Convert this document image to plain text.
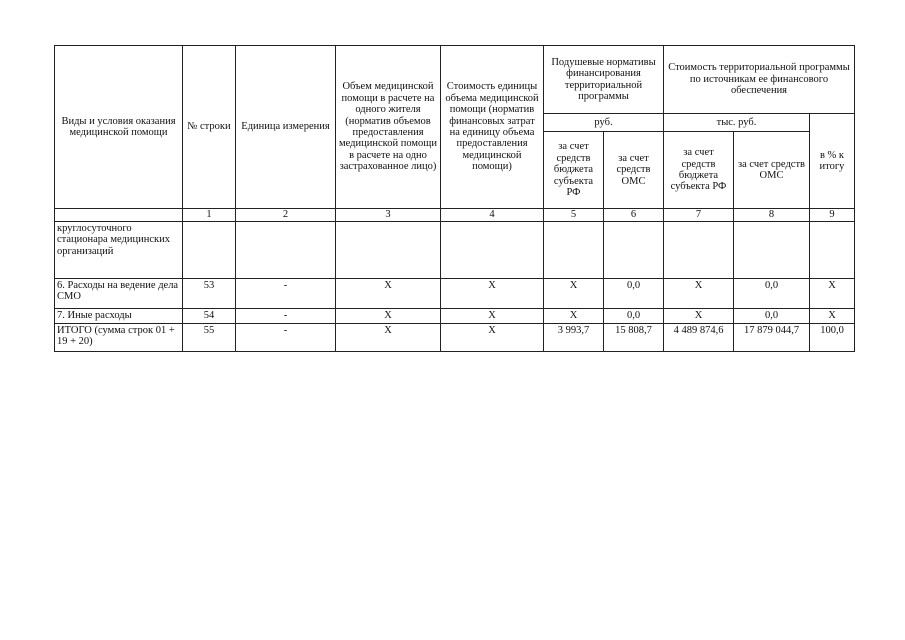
Виды и условия оказания медицинской помощи	№ строки	Единица измерения	Объем медицинской помощи в расчете на одного жителя (норматив объемов предоставления медицинской помощи в расчете на одно застрахованное лицо)	Стоимость единицы объема медицинской помощи (норматив финансовых затрат на единицу объема предоставления медицинской помощи)	Подушевые нормативы финансирования территориальной программы		Стоимость территориальной программы по источникам ее финансового обеспечения		
					руб.		тыс. руб.		в % к итогу
					за счет средств бюджета субъекта РФ	за счет средств ОМС	за счет средств бюджета субъекта РФ	за счет средств ОМС	
	1	2	3	4	5	6	7	8	9
круглосуточного стационара медицинских организаций									
6. Расходы на ведение дела СМО	53	-	X	X	X	0,0	X	0,0	X
7. Иные расходы	54	-	X	X	X	0,0	X	0,0	X
ИТОГО (сумма строк 01 + 19 + 20)	55	-	X	X	3 993,7	15 808,7	4 489 874,6	17 879 044,7	100,0
